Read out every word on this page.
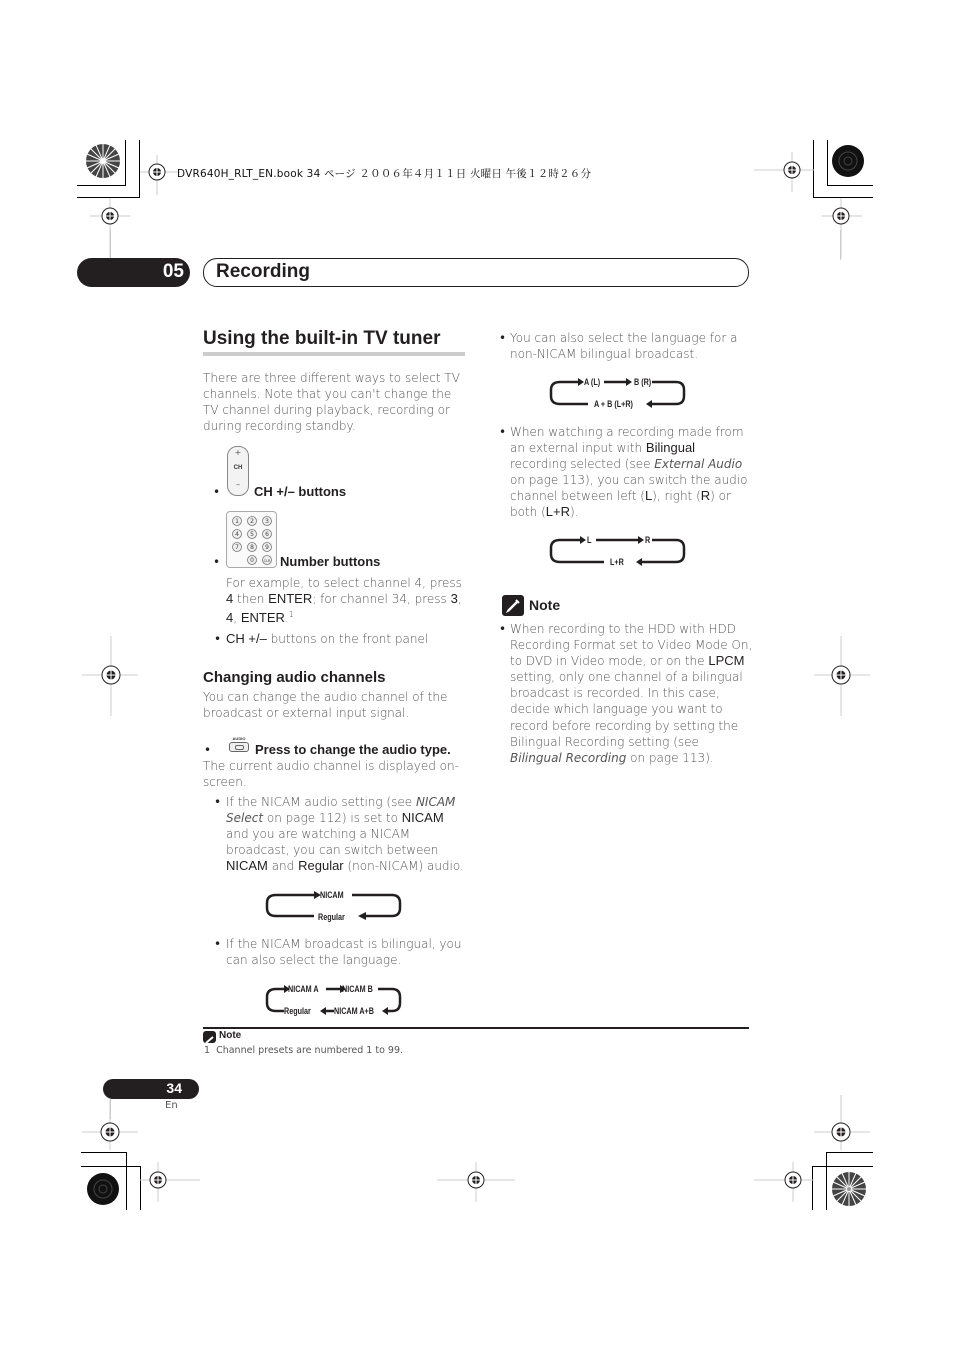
DVR640H_RLT_EN.book 34 ページ ２００６年４月１１日 火曜日 午後１２時２６分
05 Recording
Using the built-in TV tuner
There are three different ways to select TV channels. Note that you can't change the TV channel during playback, recording or during recording standby.
•
+
CH
–	CH +/– buttons
•
1 2 3
4 5 6
7 8 9
0	CLR Number buttons
For example, to select channel 4, press 4 then ENTER; for channel 34, press 3, 4, ENTER.$^1$
• CH +/– buttons on the front panel
Changing audio channels
You can change the audio channel of the broadcast or external input signal.
•
AUDIO
Press to change the audio type.
The current audio channel is displayed on-screen.
• If the NICAM audio setting (see NICAM Select on page 112) is set to NICAM and you are watching a NICAM broadcast, you can switch between NICAM and Regular (non-NICAM) audio.
NICAM
Regular
• If the NICAM broadcast is bilingual, you can also select the language.
NICAM A	NICAM B
Regular	NICAM A+B
• You can also select the language for a non-NICAM bilingual broadcast.
A (L)	B (R)
A + B (L+R)
• When watching a recording made from an external input with Bilingual recording selected (see External Audio on page 113), you can switch the audio channel between left (L), right (R) or both (L+R).
L	R
L+R
Note
• When recording to the HDD with HDD Recording Format set to Video Mode On, to DVD in Video mode, or on the LPCM setting, only one channel of a bilingual broadcast is recorded. In this case, decide which language you want to record before recording by setting the Bilingual Recording setting (see Bilingual Recording on page 113).
Note
1  Channel presets are numbered 1 to 99.
34
En
